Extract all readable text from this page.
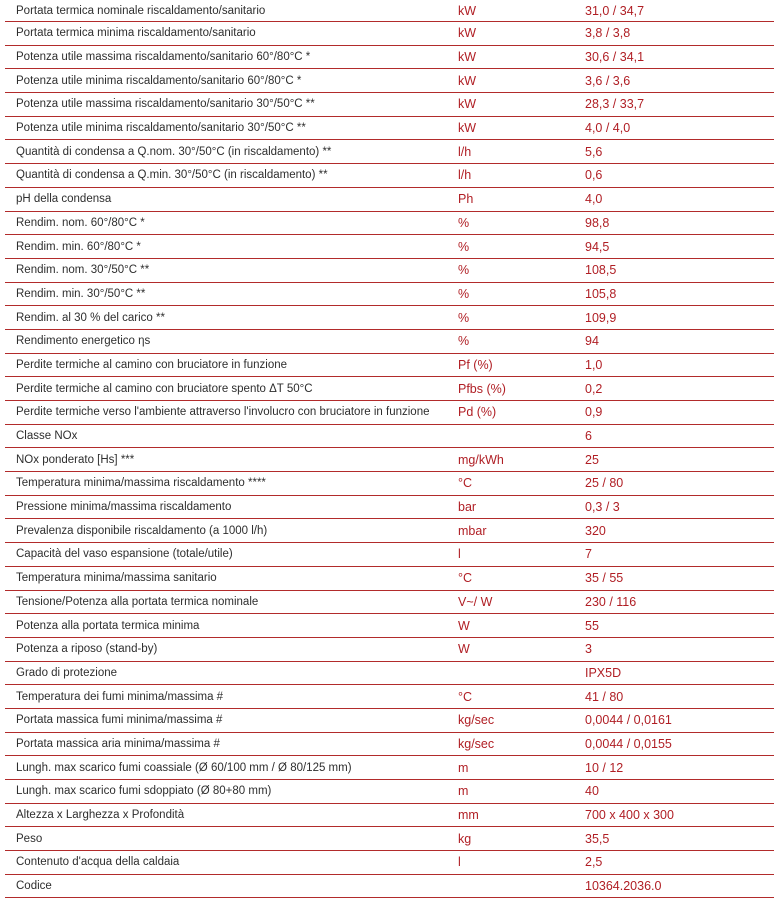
Portata termica nominale riscaldamento/sanitario	kW	31,0 / 34,7
Portata termica minima riscaldamento/sanitario	kW	3,8 / 3,8
Potenza utile massima riscaldamento/sanitario 60°/80°C *	kW	30,6 / 34,1
Potenza utile minima riscaldamento/sanitario 60°/80°C *	kW	3,6 / 3,6
Potenza utile massima riscaldamento/sanitario 30°/50°C **	kW	28,3 / 33,7
Potenza utile minima riscaldamento/sanitario 30°/50°C **	kW	4,0 / 4,0
Quantità di condensa a Q.nom. 30°/50°C (in riscaldamento) **	l/h	5,6
Quantità di condensa a Q.min. 30°/50°C (in riscaldamento) **	l/h	0,6
pH della condensa	Ph	4,0
Rendim. nom. 60°/80°C *	%	98,8
Rendim. min. 60°/80°C *	%	94,5
Rendim. nom. 30°/50°C **	%	108,5
Rendim. min. 30°/50°C **	%	105,8
Rendim. al 30 % del carico **	%	109,9
Rendimento energetico ηs	%	94
Perdite termiche al camino con bruciatore in funzione	Pf (%)	1,0
Perdite termiche al camino con bruciatore spento ΔT 50°C	Pfbs (%)	0,2
Perdite termiche verso l'ambiente attraverso l'involucro con bruciatore in funzione	Pd (%)	0,9
Classe NOx		6
NOx ponderato [Hs] ***	mg/kWh	25
Temperatura minima/massima riscaldamento ****	°C	25 / 80
Pressione minima/massima riscaldamento	bar	0,3 / 3
Prevalenza disponibile riscaldamento (a 1000 l/h)	mbar	320
Capacità del vaso espansione (totale/utile)	l	7
Temperatura minima/massima sanitario	°C	35 / 55
Tensione/Potenza alla portata termica nominale	V~/ W	230 / 116
Potenza alla portata termica minima	W	55
Potenza a riposo (stand-by)	W	3
Grado di protezione		IPX5D
Temperatura dei fumi minima/massima #	°C	41 / 80
Portata massica fumi minima/massima #	kg/sec	0,0044 / 0,0161
Portata massica aria minima/massima #	kg/sec	0,0044 / 0,0155
Lungh. max scarico fumi coassiale (Ø 60/100 mm / Ø 80/125 mm)	m	10 / 12
Lungh. max scarico fumi sdoppiato (Ø 80+80 mm)	m	40
Altezza x Larghezza x Profondità	mm	700 x 400 x 300
Peso	kg	35,5
Contenuto d'acqua della caldaia	l	2,5
Codice		10364.2036.0
